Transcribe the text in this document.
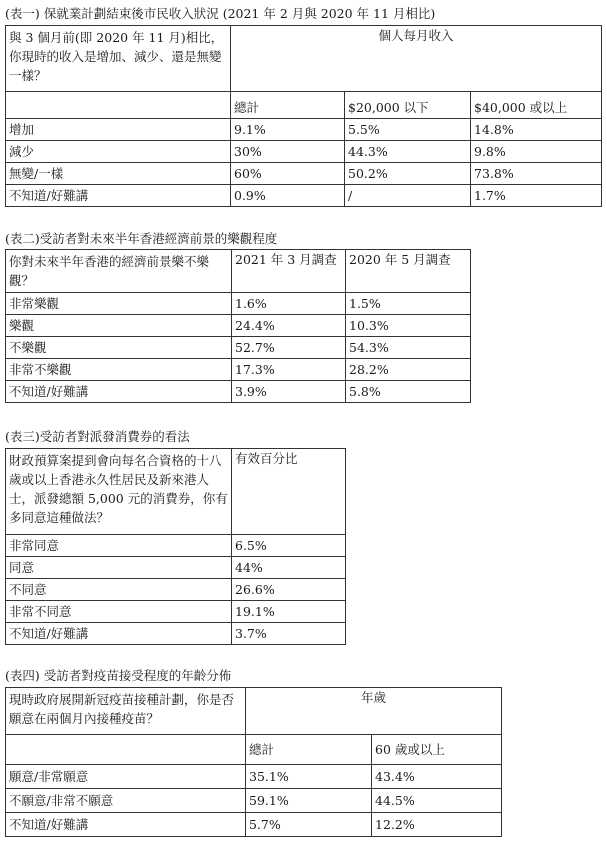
(表一) 保就業計劃結束後市民收入狀況 (2021 年 2 月與 2020 年 11 月相比)
與 3 個月前(即 2020 年 11 月)相比，你現時的收入是增加、減少、還是無變一樣？	個人每月收入		
	總計	$20,000 以下	$40,000 或以上
增加	9.1%	5.5%	14.8%
減少	30%	44.3%	9.8%
無變/一樣	60%	50.2%	73.8%
不知道/好難講	0.9%	/	1.7%
(表二)受訪者對未來半年香港經濟前景的樂觀程度
你對未來半年香港的經濟前景樂不樂觀？	2021 年 3 月調查	2020 年 5 月調查
非常樂觀	1.6%	1.5%
樂觀	24.4%	10.3%
不樂觀	52.7%	54.3%
非常不樂觀	17.3%	28.2%
不知道/好難講	3.9%	5.8%
(表三)受訪者對派發消費券的看法
財政預算案提到會向每名合資格的十八歲或以上香港永久性居民及新來港人士，派發總額 5,000 元的消費券，你有多同意這種做法？	有效百分比
非常同意	6.5%
同意	44%
不同意	26.6%
非常不同意	19.1%
不知道/好難講	3.7%
(表四) 受訪者對疫苗接受程度的年齡分佈
現時政府展開新冠疫苗接種計劃，你是否願意在兩個月內接種疫苗？	年歲	
	總計	60 歲或以上
願意/非常願意	35.1%	43.4%
不願意/非常不願意	59.1%	44.5%
不知道/好難講	5.7%	12.2%
